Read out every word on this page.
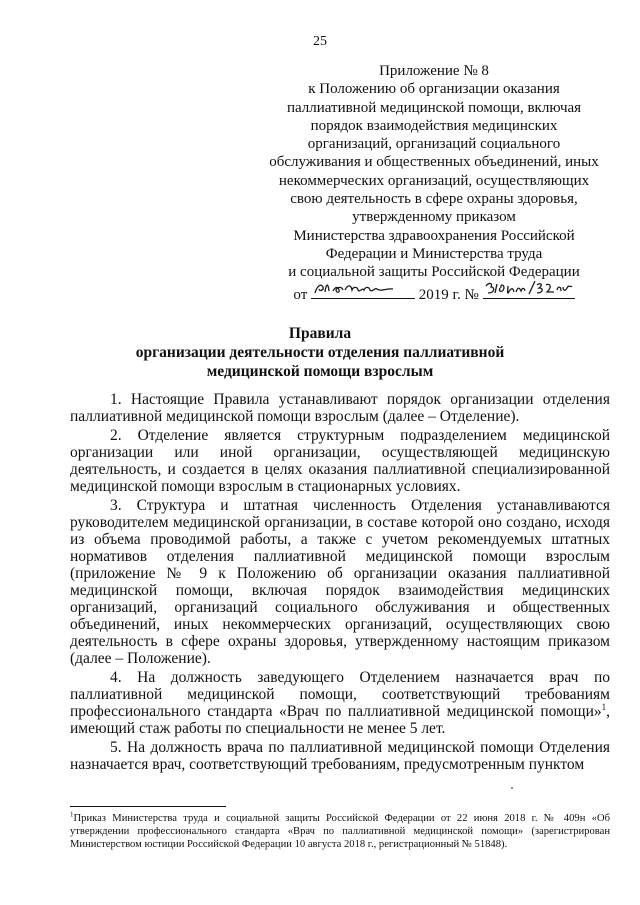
25
Приложение № 8
к Положению об организации оказания
паллиативной медицинской помощи, включая
порядок взаимодействия медицинских
организаций, организаций социального
обслуживания и общественных объединений, иных
некоммерческих организаций, осуществляющих
свою деятельность в сфере охраны здоровья,
утвержденному приказом
Министерства здравоохранения Российской
Федерации и Министерства труда
и социальной защиты Российской Федерации
от	2019 г. №
Правила
организации деятельности отделения паллиативной
медицинской помощи взрослым

1. Настоящие Правила устанавливают порядок организации отделения паллиативной медицинской помощи взрослым (далее – Отделение).

2. Отделение является структурным подразделением медицинской организации или иной организации, осуществляющей медицинскую деятельность, и создается в целях оказания паллиативной специализированной медицинской помощи взрослым в стационарных условиях.

3. Структура и штатная численность Отделения устанавливаются руководителем медицинской организации, в составе которой оно создано, исходя из объема проводимой работы, а также с учетом рекомендуемых штатных нормативов отделения паллиативной медицинской помощи взрослым (приложение № 9 к Положению об организации оказания паллиативной медицинской помощи, включая порядок взаимодействия медицинских организаций, организаций социального обслуживания и общественных объединений, иных некоммерческих организаций, осуществляющих свою деятельность в сфере охраны здоровья, утвержденному настоящим приказом (далее – Положение).

4. На должность заведующего Отделением назначается врач по паллиативной медицинской помощи, соответствующий требованиям профессионального стандарта «Врач по паллиативной медицинской помощи»$^1$, имеющий стаж работы по специальности не менее 5 лет.

5. На должность врача по паллиативной медицинской помощи Отделения назначается врач, соответствующий требованиям, предусмотренным пунктом

$^1$Приказ Министерства труда и социальной защиты Российской Федерации от 22 июня 2018 г. № 409н «Об утверждении профессионального стандарта «Врач по паллиативной медицинской помощи» (зарегистрирован Министерством юстиции Российской Федерации 10 августа 2018 г., регистрационный № 51848).
